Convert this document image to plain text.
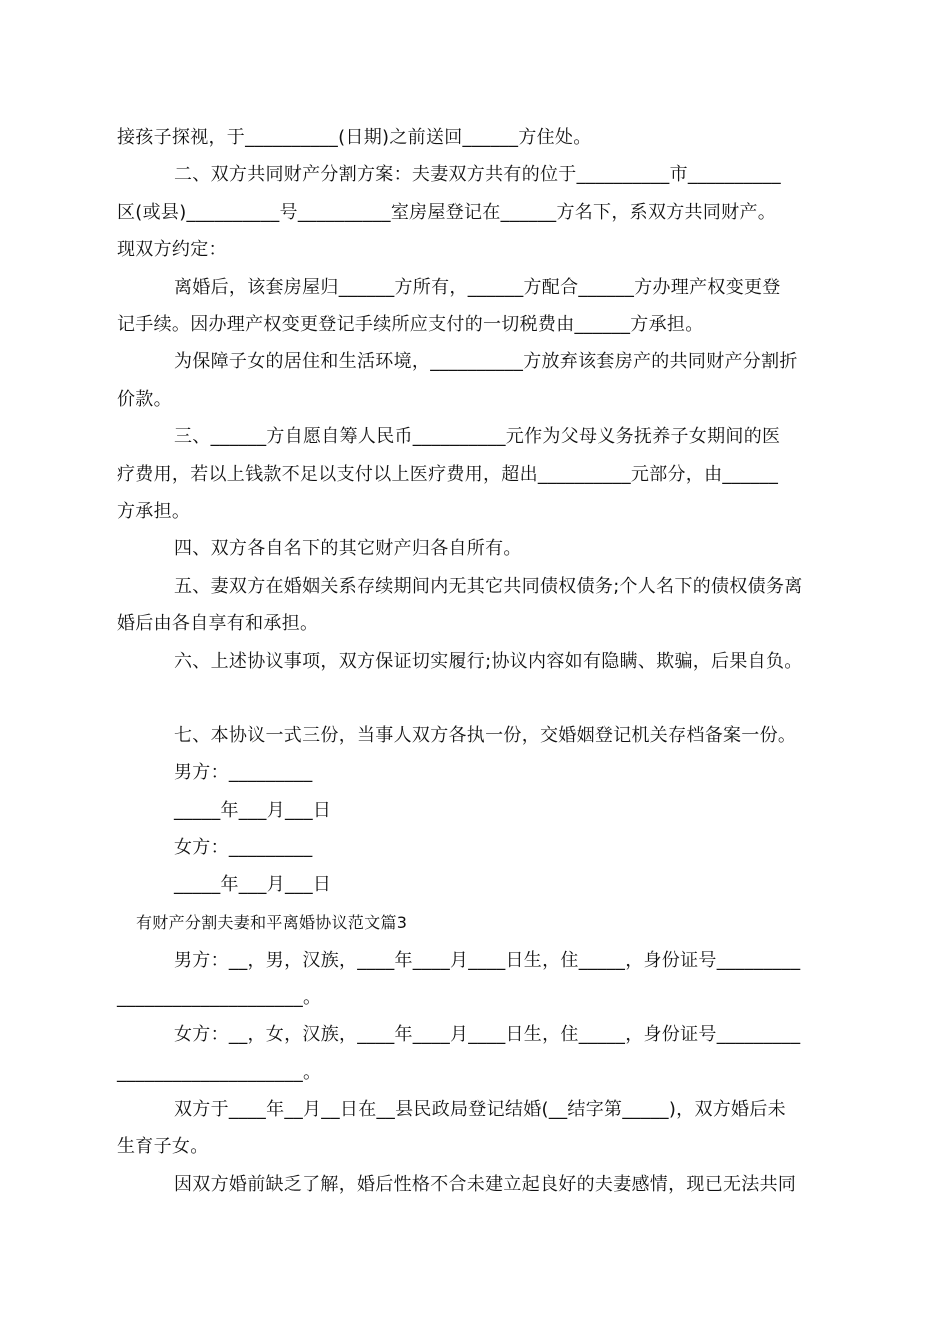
接孩子探视，于__________(日期)之前送回______方住处。
二、双方共同财产分割方案：夫妻双方共有的位于__________市__________
区(或县)__________号__________室房屋登记在______方名下，系双方共同财产。
现双方约定：
离婚后，该套房屋归______方所有，______方配合______方办理产权变更登
记手续。因办理产权变更登记手续所应支付的一切税费由______方承担。
为保障子女的居住和生活环境，__________方放弃该套房产的共同财产分割折
价款。
三、______方自愿自筹人民币__________元作为父母义务抚养子女期间的医
疗费用，若以上钱款不足以支付以上医疗费用，超出__________元部分，由______
方承担。
四、双方各自名下的其它财产归各自所有。
五、妻双方在婚姻关系存续期间内无其它共同债权债务;个人名下的债权债务离
婚后由各自享有和承担。
六、上述协议事项，双方保证切实履行;协议内容如有隐瞒、欺骗，后果自负。
七、本协议一式三份，当事人双方各执一份，交婚姻登记机关存档备案一份。
男方：_________
_____年___月___日
女方：_________
_____年___月___日
有财产分割夫妻和平离婚协议范文篇3
男方：__，男，汉族，____年____月____日生，住_____，身份证号_________
____________________。
女方：__，女，汉族，____年____月____日生，住_____，身份证号_________
____________________。
双方于____年__月__日在__县民政局登记结婚(__结字第_____)，双方婚后未
生育子女。
因双方婚前缺乏了解，婚后性格不合未建立起良好的夫妻感情，现已无法共同
